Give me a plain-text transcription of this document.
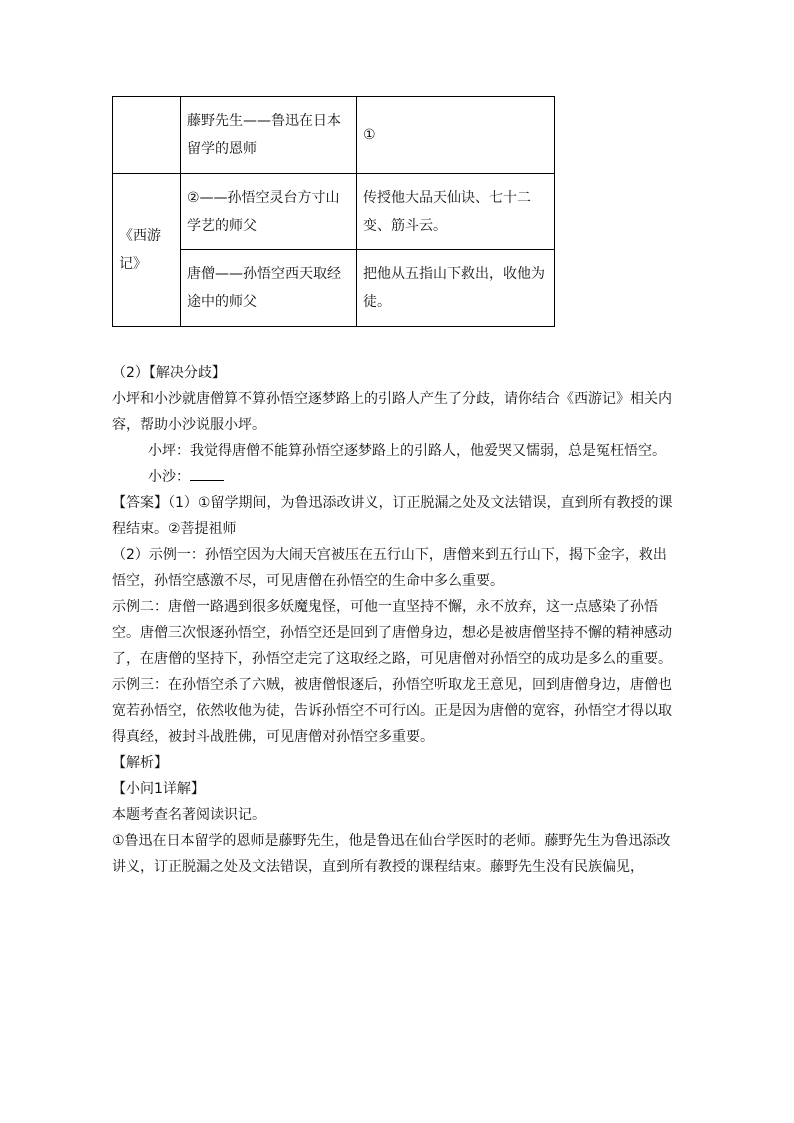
	藤野先生——鲁迅在日本留学的恩师	①
《西游记》	②——孙悟空灵台方寸山学艺的师父	传授他大品天仙诀、七十二变、筋斗云。
	唐僧——孙悟空西天取经途中的师父	把他从五指山下救出，收他为徒。

（2）【解决分歧】

小坪和小沙就唐僧算不算孙悟空逐梦路上的引路人产生了分歧，请你结合《西游记》相关内容，帮助小沙说服小坪。

小坪：我觉得唐僧不能算孙悟空逐梦路上的引路人，他爱哭又懦弱，总是冤枉悟空。

小沙：

【答案】（1）①留学期间，为鲁迅添改讲义，订正脱漏之处及文法错误，直到所有教授的课程结束。②菩提祖师

（2）示例一：孙悟空因为大闹天宫被压在五行山下，唐僧来到五行山下，揭下金字，救出悟空，孙悟空感激不尽，可见唐僧在孙悟空的生命中多么重要。

示例二：唐僧一路遇到很多妖魔鬼怪，可他一直坚持不懈，永不放弃，这一点感染了孙悟空。唐僧三次恨逐孙悟空，孙悟空还是回到了唐僧身边，想必是被唐僧坚持不懈的精神感动了，在唐僧的坚持下，孙悟空走完了这取经之路，可见唐僧对孙悟空的成功是多么的重要。

示例三：在孙悟空杀了六贼，被唐僧恨逐后，孙悟空听取龙王意见，回到唐僧身边，唐僧也宽若孙悟空，依然收他为徒，告诉孙悟空不可行凶。正是因为唐僧的宽容，孙悟空才得以取得真经，被封斗战胜佛，可见唐僧对孙悟空多重要。

【解析】

【小问1详解】

本题考查名著阅读识记。

①鲁迅在日本留学的恩师是藤野先生，他是鲁迅在仙台学医时的老师。藤野先生为鲁迅添改讲义，订正脱漏之处及文法错误，直到所有教授的课程结束。藤野先生没有民族偏见，
